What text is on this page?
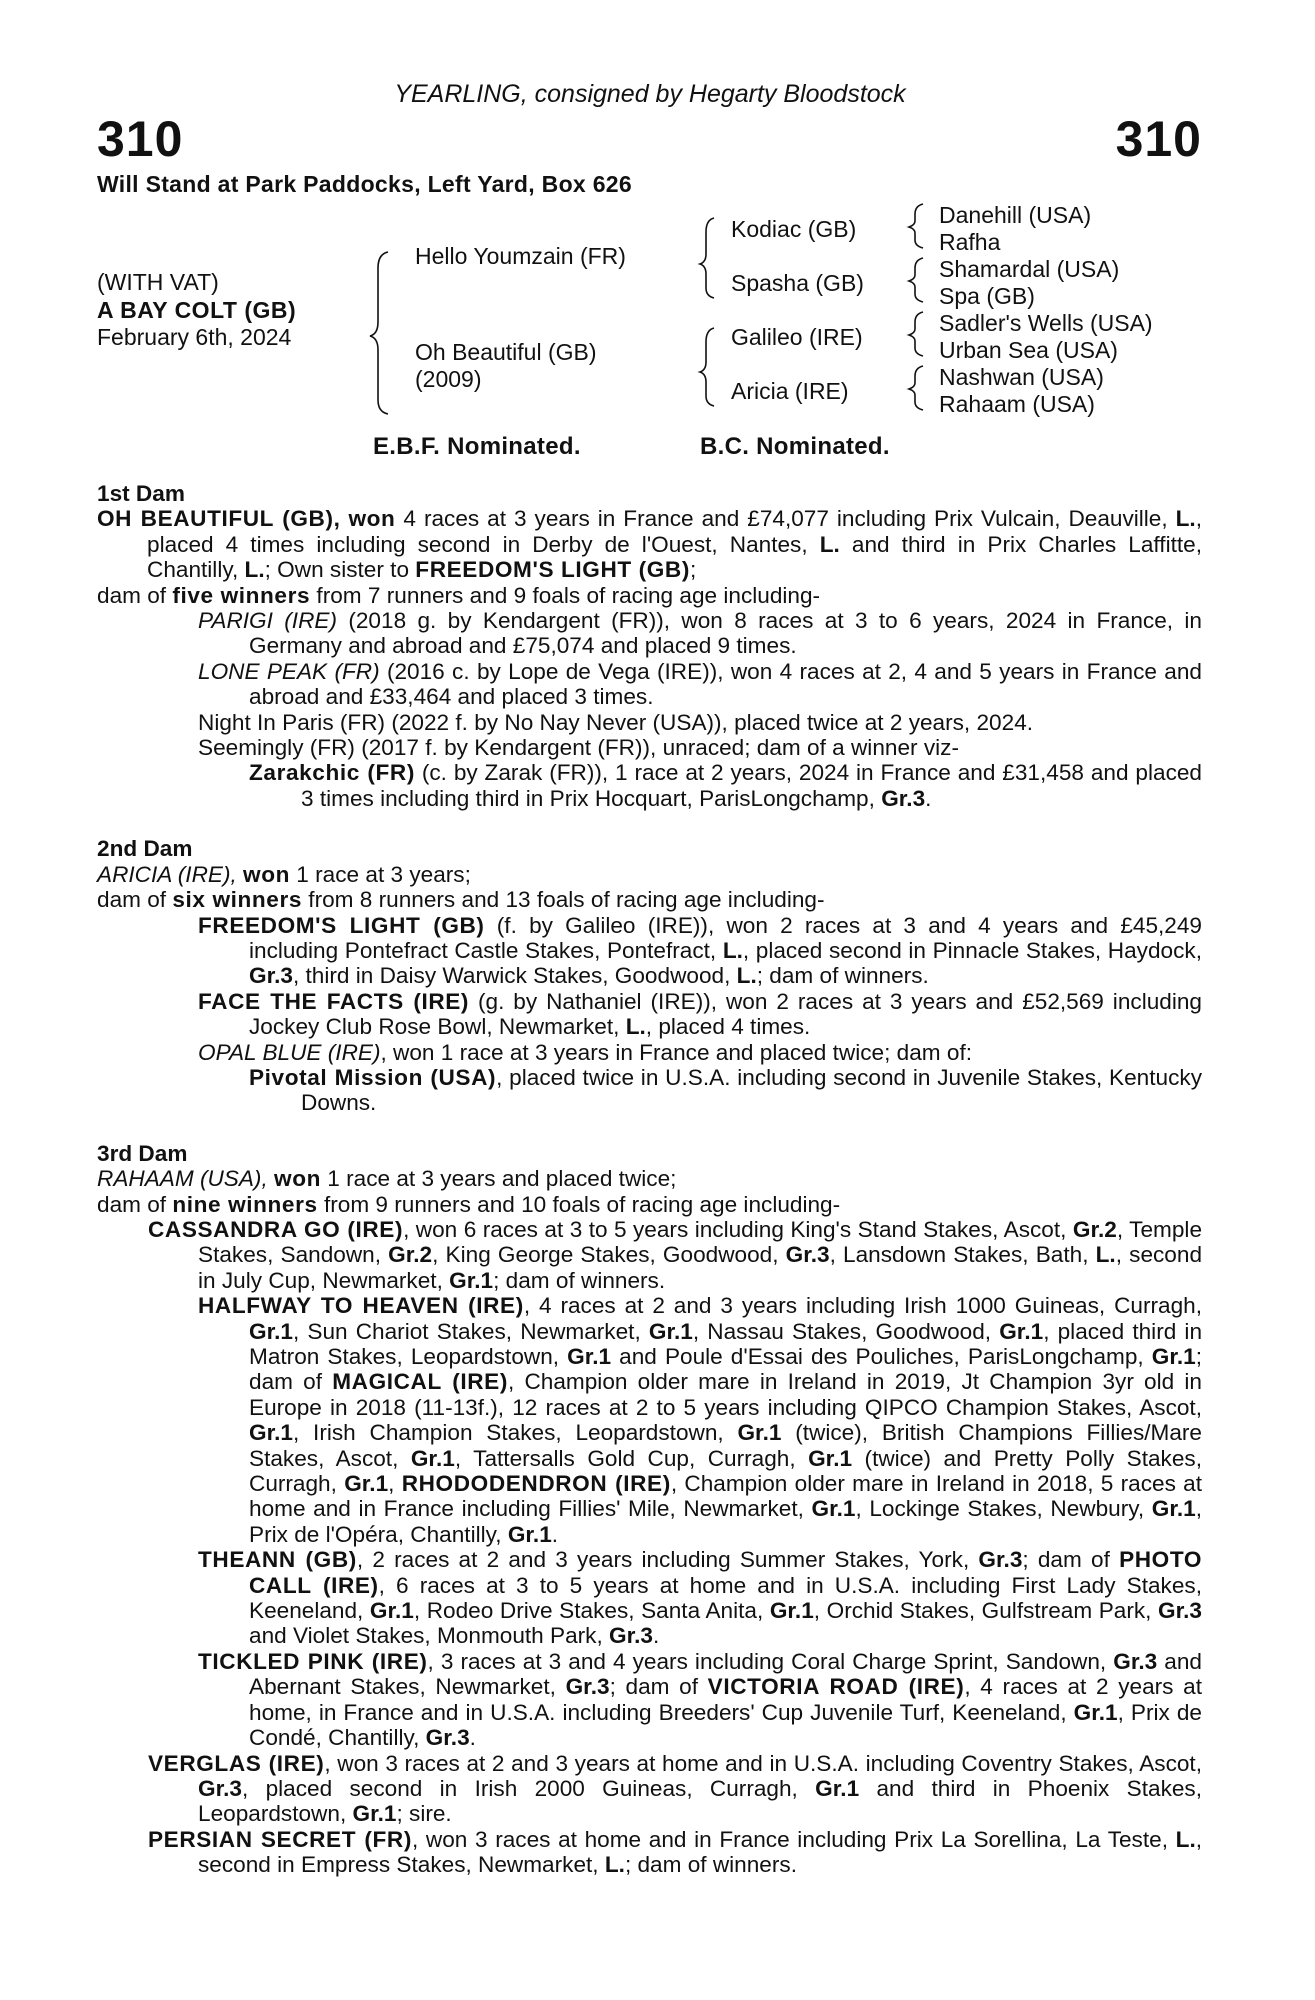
YEARLING, consigned by Hegarty Bloodstock
310	310
Will Stand at Park Paddocks, Left Yard, Box 626
(WITH VAT)
A BAY COLT (GB)
February 6th, 2024
Hello Youmzain (FR)
Oh Beautiful (GB)
(2009)
Kodiac (GB)
Spasha (GB)
Galileo (IRE)
Aricia (IRE)
Danehill (USA)
Rafha
Shamardal (USA)
Spa (GB)
Sadler's Wells (USA)
Urban Sea (USA)
Nashwan (USA)
Rahaam (USA)
E.B.F. Nominated.	B.C. Nominated.

1st Dam

OH BEAUTIFUL (GB), won 4 races at 3 years in France and £74,077 including Prix Vulcain, Deauville, L., placed 4 times including second in Derby de l'Ouest, Nantes, L. and third in Prix Charles Laffitte, Chantilly, L.; Own sister to FREEDOM'S LIGHT (GB);

dam of five winners from 7 runners and 9 foals of racing age including-

PARIGI (IRE) (2018 g. by Kendargent (FR)), won 8 races at 3 to 6 years, 2024 in France, in Germany and abroad and £75,074 and placed 9 times.

LONE PEAK (FR) (2016 c. by Lope de Vega (IRE)), won 4 races at 2, 4 and 5 years in France and abroad and £33,464 and placed 3 times.

Night In Paris (FR) (2022 f. by No Nay Never (USA)), placed twice at 2 years, 2024.

Seemingly (FR) (2017 f. by Kendargent (FR)), unraced; dam of a winner viz-

Zarakchic (FR) (c. by Zarak (FR)), 1 race at 2 years, 2024 in France and £31,458 and placed 3 times including third in Prix Hocquart, ParisLongchamp, Gr.3.

2nd Dam

ARICIA (IRE), won 1 race at 3 years;

dam of six winners from 8 runners and 13 foals of racing age including-

FREEDOM'S LIGHT (GB) (f. by Galileo (IRE)), won 2 races at 3 and 4 years and £45,249 including Pontefract Castle Stakes, Pontefract, L., placed second in Pinnacle Stakes, Haydock, Gr.3, third in Daisy Warwick Stakes, Goodwood, L.; dam of winners.

FACE THE FACTS (IRE) (g. by Nathaniel (IRE)), won 2 races at 3 years and £52,569 including Jockey Club Rose Bowl, Newmarket, L., placed 4 times.

OPAL BLUE (IRE), won 1 race at 3 years in France and placed twice; dam of:

Pivotal Mission (USA), placed twice in U.S.A. including second in Juvenile Stakes, Kentucky Downs.

3rd Dam

RAHAAM (USA), won 1 race at 3 years and placed twice;

dam of nine winners from 9 runners and 10 foals of racing age including-

CASSANDRA GO (IRE), won 6 races at 3 to 5 years including King's Stand Stakes, Ascot, Gr.2, Temple Stakes, Sandown, Gr.2, King George Stakes, Goodwood, Gr.3, Lansdown Stakes, Bath, L., second in July Cup, Newmarket, Gr.1; dam of winners.

HALFWAY TO HEAVEN (IRE), 4 races at 2 and 3 years including Irish 1000 Guineas, Curragh, Gr.1, Sun Chariot Stakes, Newmarket, Gr.1, Nassau Stakes, Goodwood, Gr.1, placed third in Matron Stakes, Leopardstown, Gr.1 and Poule d'Essai des Pouliches, ParisLongchamp, Gr.1; dam of MAGICAL (IRE), Champion older mare in Ireland in 2019, Jt Champion 3yr old in Europe in 2018 (11-13f.), 12 races at 2 to 5 years including QIPCO Champion Stakes, Ascot, Gr.1, Irish Champion Stakes, Leopardstown, Gr.1 (twice), British Champions Fillies/Mare Stakes, Ascot, Gr.1, Tattersalls Gold Cup, Curragh, Gr.1 (twice) and Pretty Polly Stakes, Curragh, Gr.1, RHODODENDRON (IRE), Champion older mare in Ireland in 2018, 5 races at home and in France including Fillies' Mile, Newmarket, Gr.1, Lockinge Stakes, Newbury, Gr.1, Prix de l'Opéra, Chantilly, Gr.1.

THEANN (GB), 2 races at 2 and 3 years including Summer Stakes, York, Gr.3; dam of PHOTO CALL (IRE), 6 races at 3 to 5 years at home and in U.S.A. including First Lady Stakes, Keeneland, Gr.1, Rodeo Drive Stakes, Santa Anita, Gr.1, Orchid Stakes, Gulfstream Park, Gr.3 and Violet Stakes, Monmouth Park, Gr.3.

TICKLED PINK (IRE), 3 races at 3 and 4 years including Coral Charge Sprint, Sandown, Gr.3 and Abernant Stakes, Newmarket, Gr.3; dam of VICTORIA ROAD (IRE), 4 races at 2 years at home, in France and in U.S.A. including Breeders' Cup Juvenile Turf, Keeneland, Gr.1, Prix de Condé, Chantilly, Gr.3.

VERGLAS (IRE), won 3 races at 2 and 3 years at home and in U.S.A. including Coventry Stakes, Ascot, Gr.3, placed second in Irish 2000 Guineas, Curragh, Gr.1 and third in Phoenix Stakes, Leopardstown, Gr.1; sire.

PERSIAN SECRET (FR), won 3 races at home and in France including Prix La Sorellina, La Teste, L., second in Empress Stakes, Newmarket, L.; dam of winners.
